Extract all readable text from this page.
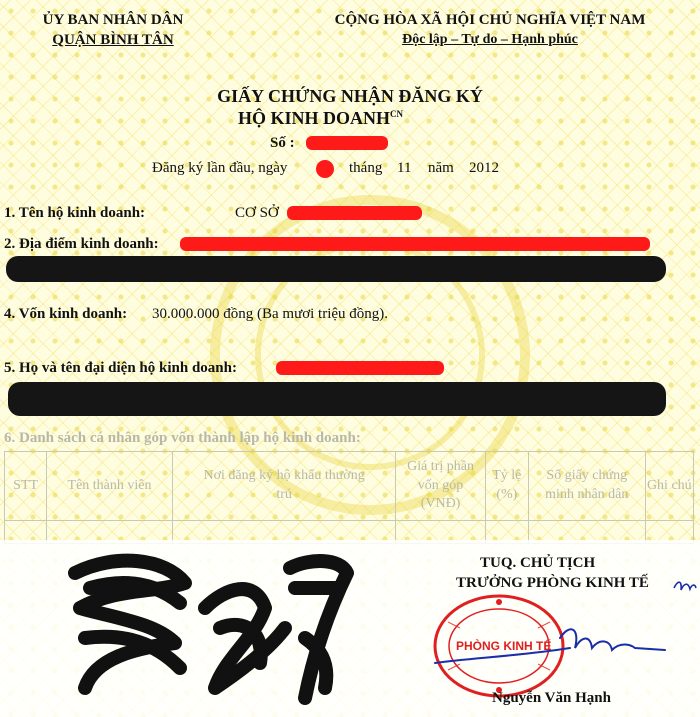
ỦY BAN NHÂN DÂN
QUẬN BÌNH TÂN
CỘNG HÒA XÃ HỘI CHỦ NGHĨA VIỆT NAM
Độc lập – Tự do – Hạnh phúc
GIẤY CHỨNG NHẬN ĐĂNG KÝ
HỘ KINH $DOANH^{CN}$
Số :
Đăng ký lần đầu, ngày	tháng 11 năm 2012
1. Tên hộ kinh doanh:	CƠ SỞ
2. Địa điểm kinh doanh:
4. Vốn kinh doanh: 30.000.000 đồng (Ba mươi triệu đồng).
5. Họ và tên đại diện hộ kinh doanh:
6. Danh sách cá nhân góp vốn thành lập hộ kinh doanh:
STT	Tên thành viên	Nơi đăng ký hộ khẩu thường trú	Giá trị phần vốn góp (VNĐ)	Tỷ lệ (%)	Số giấy chứng minh nhân dân	Ghi chú

TUQ. CHỦ TỊCH
TRƯỞNG PHÒNG KINH TẾ
PHÒNG KINH TẾ
Nguyễn Văn Hạnh
